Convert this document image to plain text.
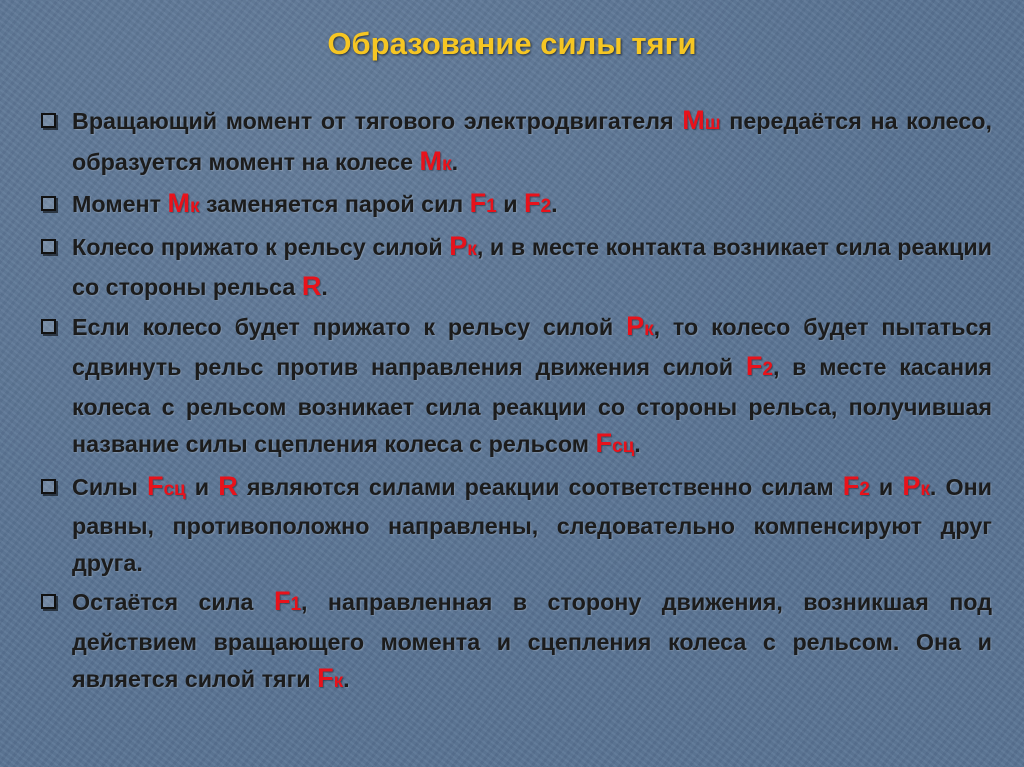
Образование силы тяги
Вращающий момент от тягового электродвигателя Мш передаётся на колесо, образуется момент на колесе Мк.
Момент Мк заменяется парой сил F1 и F2.
Колесо прижато к рельсу силой Рк, и в месте контакта возникает сила реакции со стороны рельса R.
Если колесо будет прижато к рельсу силой Рк, то колесо будет пытаться сдвинуть рельс против направления движения силой F2, в месте касания колеса с рельсом возникает сила реакции со стороны рельса, получившая название силы сцепления колеса с рельсом Fсц.
Силы Fсц и R являются силами реакции соответственно силам F2 и Рк. Они равны, противоположно направлены, следовательно компенсируют друг друга.
Остаётся сила F1, направленная в сторону движения, возникшая под действием вращающего момента и сцепления колеса с рельсом. Она и является силой тяги Fк.
